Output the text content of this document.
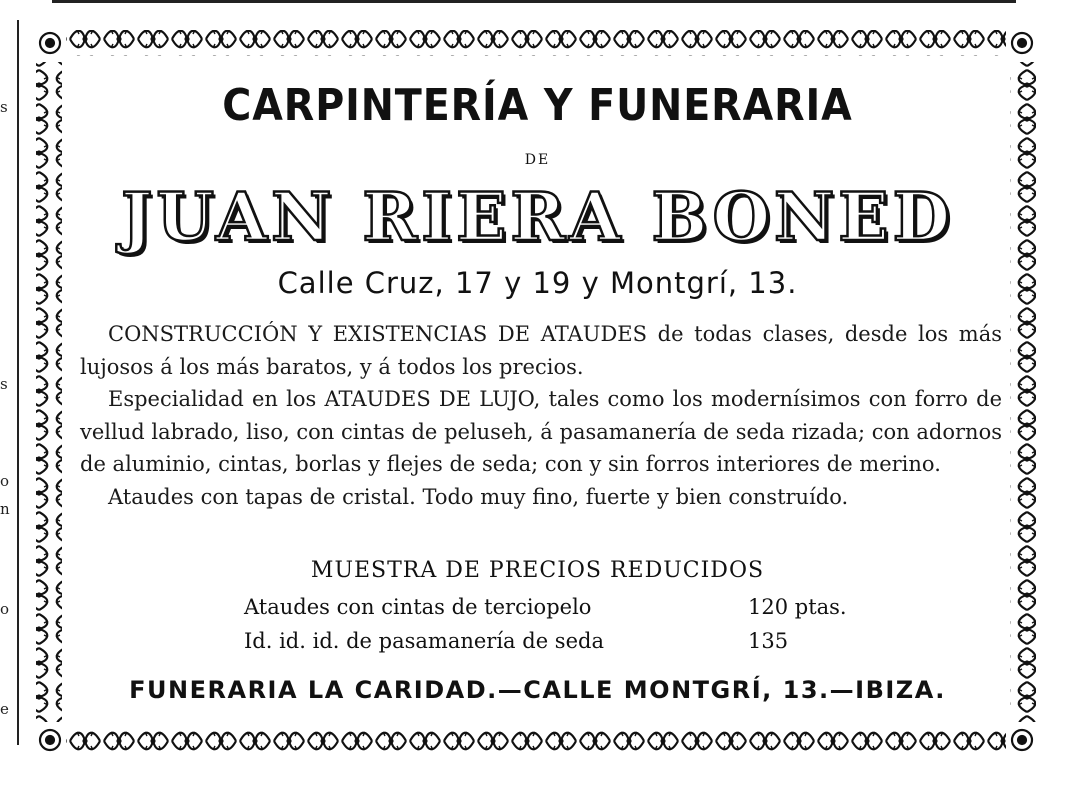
s
s
o
n
o
e
CARPINTERÍA Y FUNERARIA
DE
JUAN RIERA BONED
Calle Cruz, 17 y 19 y Montgrí, 13.

CONSTRUCCIÓN Y EXISTENCIAS DE ATAUDES de todas clases, desde los más lujosos á los más baratos, y á todos los precios.

Especialidad en los ATAUDES DE LUJO, tales como los modernísimos con forro de vellud labrado, liso, con cintas de peluseh, á pasamanería de seda rizada; con adornos de aluminio, cintas, borlas y flejes de seda; con y sin forros interiores de merino.

Ataudes con tapas de cristal. Todo muy fino, fuerte y bien construído.

MUESTRA DE PRECIOS REDUCIDOS
Ataudes con cintas de terciopelo	120 ptas.
Id. id. id. de pasamanería de seda	135
FUNERARIA LA CARIDAD.—CALLE MONTGRÍ, 13.—IBIZA.
